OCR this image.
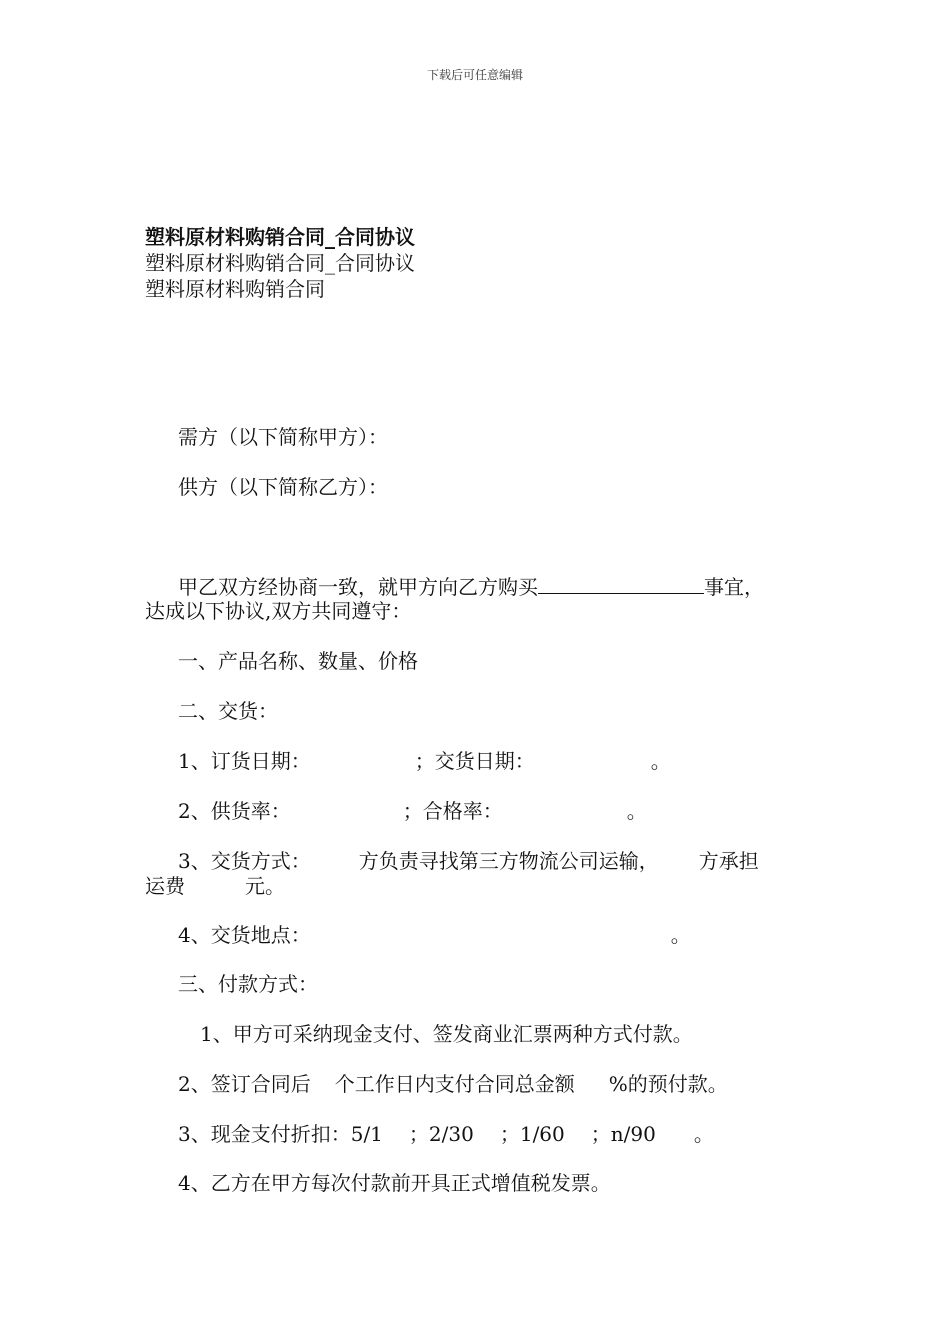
下载后可任意编辑
塑料原材料购销合同_合同协议
塑料原材料购销合同_合同协议
塑料原材料购销合同
需方（以下简称甲方）：
供方（以下简称乙方）：
甲乙双方经协商一致，就甲方向乙方购买	事宜，
达成以下协议,双方共同遵守：
一、产品名称、数量、价格
二、交货：
1、订货日期：	；交货日期：	。
2、供货率：	；合格率：	。
3、交货方式： 方负责寻找第三方物流公司运输， 方承担
运费	元。
4、交货地点：	。
三、付款方式：
1、甲方可采纳现金支付、签发商业汇票两种方式付款。
2、签订合同后 个工作日内支付合同总金额 %的预付款。
3、现金支付折扣：5/1 ；2/30 ；1/60 ；n/90 。
4、乙方在甲方每次付款前开具正式增值税发票。
